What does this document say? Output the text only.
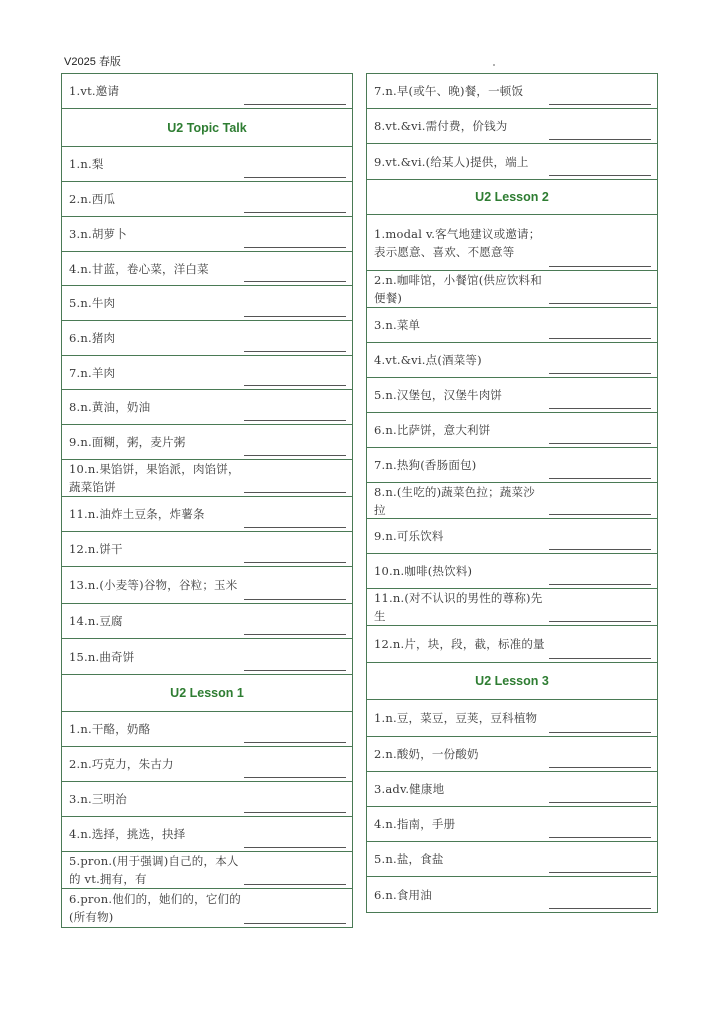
V2025 春版
1.vt.邀请
U2 Topic Talk
1.n.梨
2.n.西瓜
3.n.胡萝卜
4.n.甘蓝，卷心菜，洋白菜
5.n.牛肉
6.n.猪肉
7.n.羊肉
8.n.黄油，奶油
9.n.面糊，粥，麦片粥
10.n.果馅饼，果馅派，肉馅饼，蔬菜馅饼
11.n.油炸土豆条，炸薯条
12.n.饼干
13.n.(小麦等)谷物，谷粒；玉米
14.n.豆腐
15.n.曲奇饼
U2 Lesson 1
1.n.干酪，奶酪
2.n.巧克力，朱古力
3.n.三明治
4.n.选择，挑选，抉择
5.pron.(用于强调)自己的，本人的 vt.拥有，有
6.pron.他们的，她们的，它们的(所有物)
7.n.早(或午、晚)餐，一顿饭
8.vt.&vi.需付费，价钱为
9.vt.&vi.(给某人)提供，端上
U2 Lesson 2
1.modal v.客气地建议或邀请；表示愿意、喜欢、不愿意等
2.n.咖啡馆，小餐馆(供应饮料和便餐)
3.n.菜单
4.vt.&vi.点(酒菜等)
5.n.汉堡包，汉堡牛肉饼
6.n.比萨饼，意大利饼
7.n.热狗(香肠面包)
8.n.(生吃的)蔬菜色拉；蔬菜沙拉
9.n.可乐饮料
10.n.咖啡(热饮料)
11.n.(对不认识的男性的尊称)先生
12.n.片，块，段，截，标准的量
U2 Lesson 3
1.n.豆，菜豆，豆荚，豆科植物
2.n.酸奶，一份酸奶
3.adv.健康地
4.n.指南，手册
5.n.盐，食盐
6.n.食用油
